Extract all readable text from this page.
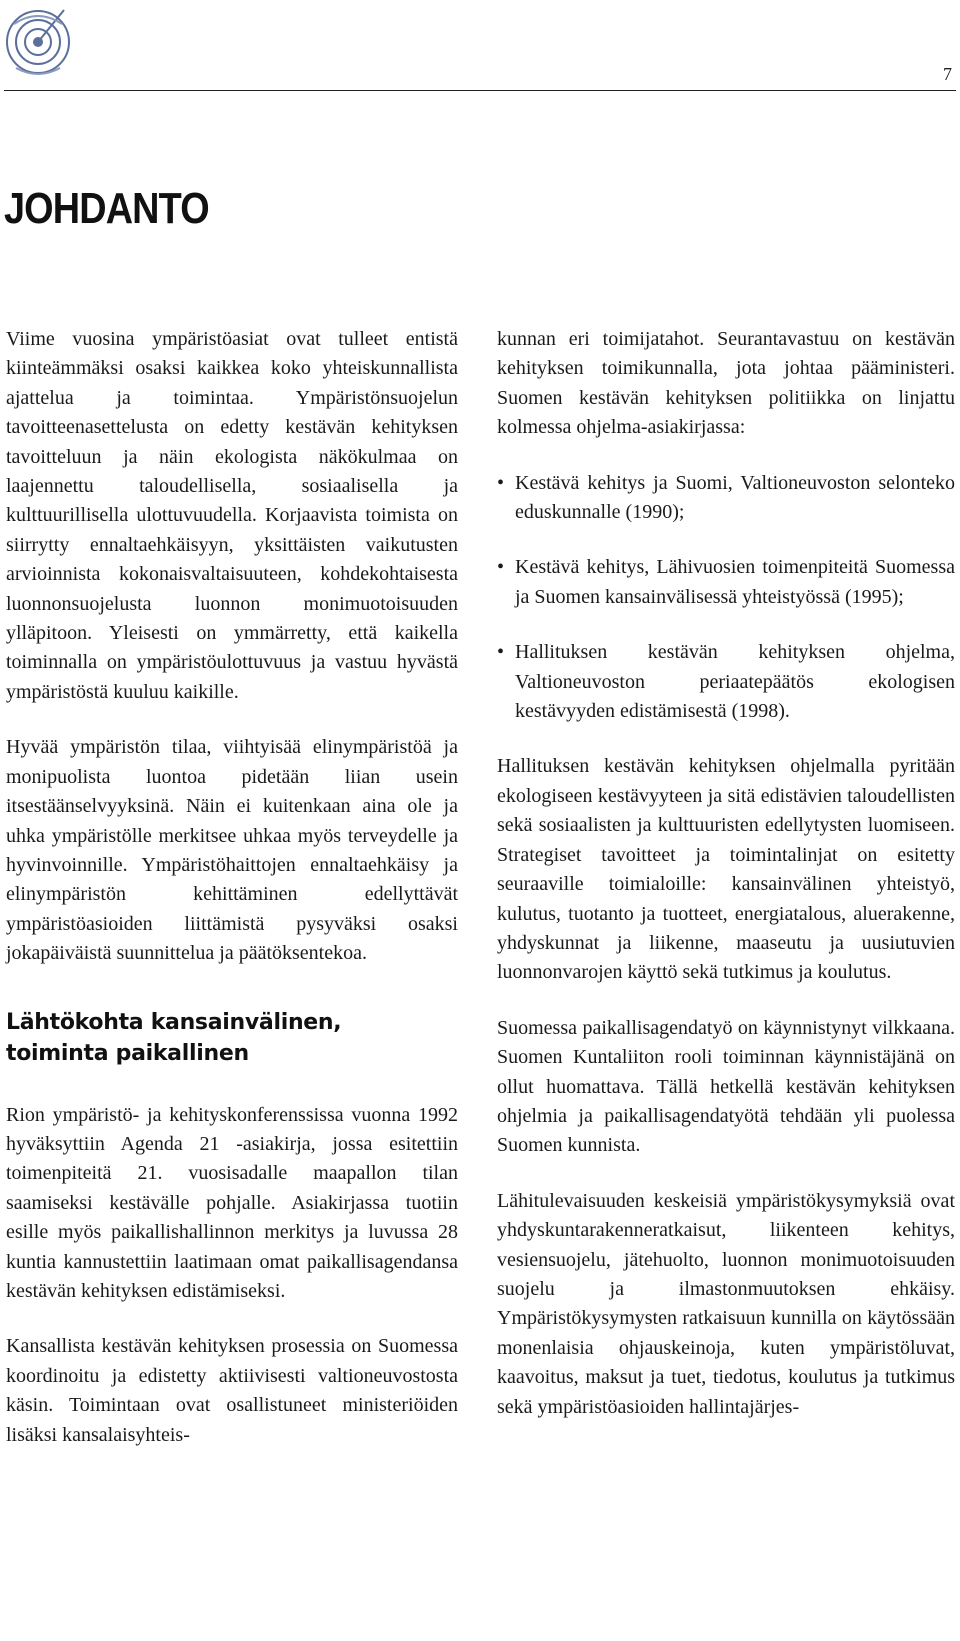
7
JOHDANTO

Viime vuosina ympäristöasiat ovat tulleet entistä kiinteämmäksi osaksi kaikkea koko yhteiskunnallista ajattelua ja toimintaa. Ympäristönsuojelun tavoitteenasettelusta on edetty kestävän kehityksen tavoitteluun ja näin ekologista näkökulmaa on laajennettu taloudellisella, sosiaalisella ja kulttuurillisella ulottuvuudella. Korjaavista toimista on siirrytty ennaltaehkäisyyn, yksittäisten vaikutusten arvioinnista kokonaisvaltaisuuteen, kohdekohtaisesta luonnonsuojelusta luonnon monimuotoisuuden ylläpitoon. Yleisesti on ymmärretty, että kaikella toiminnalla on ympäristöulottuvuus ja vastuu hyvästä ympäristöstä kuuluu kaikille.

Hyvää ympäristön tilaa, viihtyisää elinympäristöä ja monipuolista luontoa pidetään liian usein itsestäänselvyyksinä. Näin ei kuitenkaan aina ole ja uhka ympäristölle merkitsee uhkaa myös terveydelle ja hyvinvoinnille. Ympäristöhaittojen ennaltaehkäisy ja elinympäristön kehittäminen edellyttävät ympäristöasioiden liittämistä pysyväksi osaksi jokapäiväistä suunnittelua ja päätöksentekoa.

Lähtökohta kansainvälinen,
toiminta paikallinen

Rion ympäristö- ja kehityskonferenssissa vuonna 1992 hyväksyttiin Agenda 21 -asiakirja, jossa esitettiin toimenpiteitä 21. vuosisadalle maapallon tilan saamiseksi kestävälle pohjalle. Asiakirjassa tuotiin esille myös paikallishallinnon merkitys ja luvussa 28 kuntia kannustettiin laatimaan omat paikallisagendansa kestävän kehityksen edistämiseksi.

Kansallista kestävän kehityksen prosessia on Suomessa koordinoitu ja edistetty aktiivisesti valtioneuvostosta käsin. Toimintaan ovat osallistuneet ministeriöiden lisäksi kansalaisyhteis-

kunnan eri toimijatahot. Seurantavastuu on kestävän kehityksen toimikunnalla, jota johtaa pääministeri. Suomen kestävän kehityksen politiikka on linjattu kolmessa ohjelma-asiakirjassa:

• Kestävä kehitys ja Suomi, Valtioneuvoston selonteko eduskunnalle (1990);
• Kestävä kehitys, Lähivuosien toimenpiteitä Suomessa ja Suomen kansainvälisessä yhteistyössä (1995);
• Hallituksen kestävän kehityksen ohjelma, Valtioneuvoston periaatepäätös ekologisen kestävyyden edistämisestä (1998).

Hallituksen kestävän kehityksen ohjelmalla pyritään ekologiseen kestävyyteen ja sitä edistävien taloudellisten sekä sosiaalisten ja kulttuuristen edellytysten luomiseen. Strategiset tavoitteet ja toimintalinjat on esitetty seuraaville toimialoille: kansainvälinen yhteistyö, kulutus, tuotanto ja tuotteet, energiatalous, aluerakenne, yhdyskunnat ja liikenne, maaseutu ja uusiutuvien luonnonvarojen käyttö sekä tutkimus ja koulutus.

Suomessa paikallisagendatyö on käynnistynyt vilkkaana. Suomen Kuntaliiton rooli toiminnan käynnistäjänä on ollut huomattava. Tällä hetkellä kestävän kehityksen ohjelmia ja paikallisagendatyötä tehdään yli puolessa Suomen kunnista.

Lähitulevaisuuden keskeisiä ympäristökysymyksiä ovat yhdyskuntarakenneratkaisut, liikenteen kehitys, vesiensuojelu, jätehuolto, luonnon monimuotoisuuden suojelu ja ilmastonmuutoksen ehkäisy. Ympäristökysymysten ratkaisuun kunnilla on käytössään monenlaisia ohjauskeinoja, kuten ympäristöluvat, kaavoitus, maksut ja tuet, tiedotus, koulutus ja tutkimus sekä ympäristöasioiden hallintajärjes-
